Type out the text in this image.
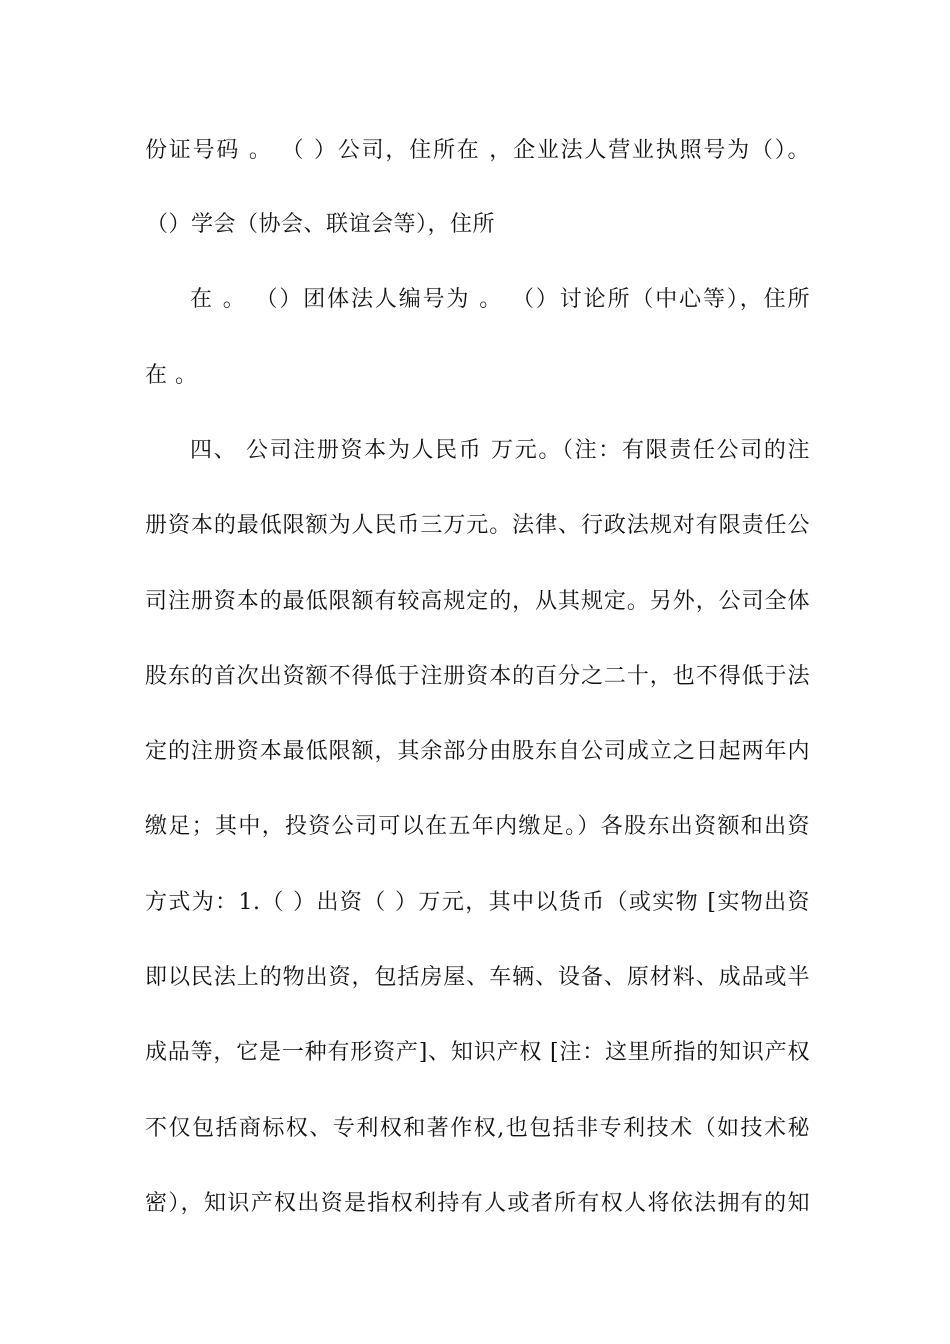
份证号码 。 （ ）公司，住所在 ，企业法人营业执照号为（）。
（）学会（协会、联谊会等），住所
在 。 （）团体法人编号为 。 （）讨论所（中心等），住所
在 。
四、 公司注册资本为人民币 万元。（注：有限责任公司的注
册资本的最低限额为人民币三万元。法律、行政法规对有限责任公
司注册资本的最低限额有较高规定的，从其规定。另外，公司全体
股东的首次出资额不得低于注册资本的百分之二十，也不得低于法
定的注册资本最低限额，其余部分由股东自公司成立之日起两年内
缴足；其中，投资公司可以在五年内缴足。）各股东出资额和出资
方式为：1.（ ）出资（ ）万元，其中以货币（或实物 [实物出资
即以民法上的物出资，包括房屋、车辆、设备、原材料、成品或半
成品等，它是一种有形资产]、知识产权 [注：这里所指的知识产权
不仅包括商标权、专利权和著作权,也包括非专利技术（如技术秘
密），知识产权出资是指权利持有人或者所有权人将依法拥有的知
